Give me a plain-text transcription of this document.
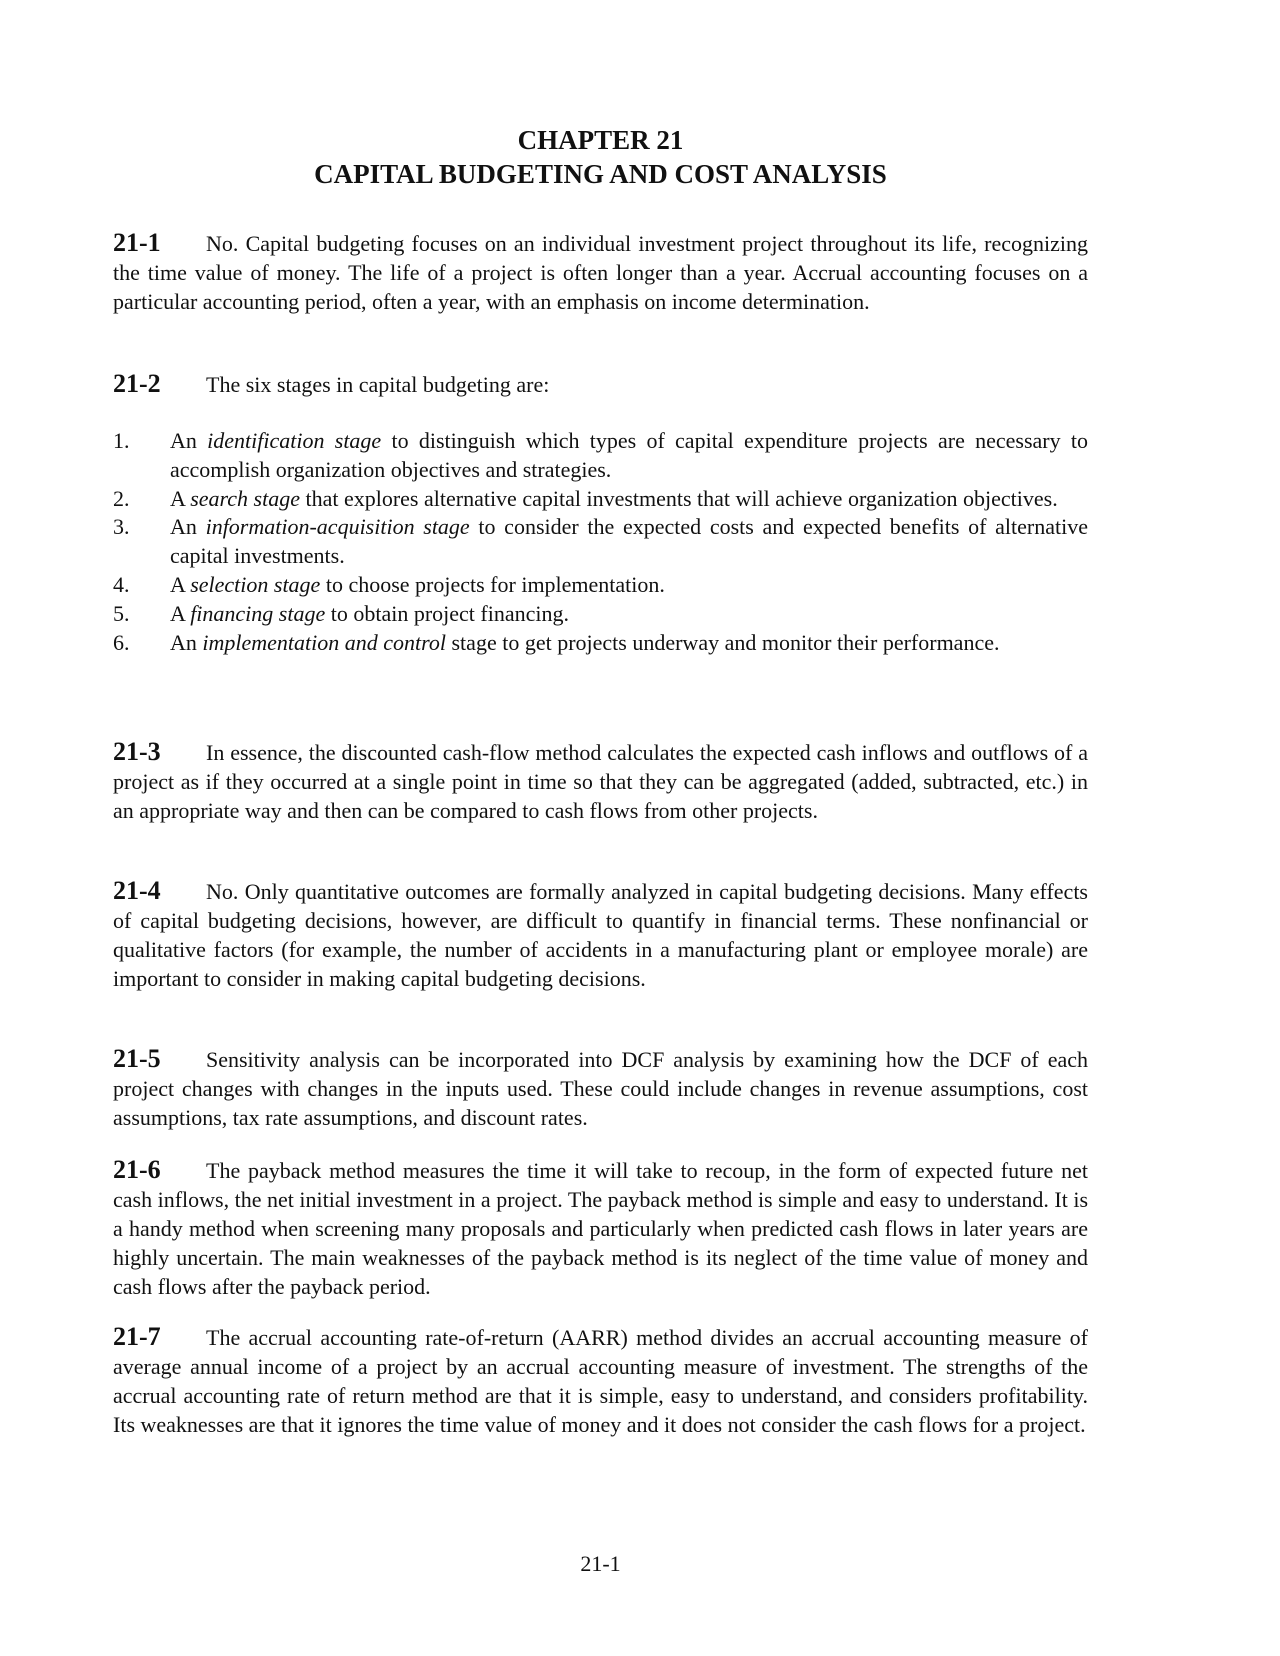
CHAPTER 21
CAPITAL BUDGETING AND COST ANALYSIS
21-1 No. Capital budgeting focuses on an individual investment project throughout its life, recognizing the time value of money. The life of a project is often longer than a year. Accrual accounting focuses on a particular accounting period, often a year, with an emphasis on income determination.
21-2 The six stages in capital budgeting are:
1. An identification stage to distinguish which types of capital expenditure projects are necessary to accomplish organization objectives and strategies.
2. A search stage that explores alternative capital investments that will achieve organization objectives.
3. An information-acquisition stage to consider the expected costs and expected benefits of alternative capital investments.
4. A selection stage to choose projects for implementation.
5. A financing stage to obtain project financing.
6. An implementation and control stage to get projects underway and monitor their performance.
21-3 In essence, the discounted cash-flow method calculates the expected cash inflows and outflows of a project as if they occurred at a single point in time so that they can be aggregated (added, subtracted, etc.) in an appropriate way and then can be compared to cash flows from other projects.
21-4 No. Only quantitative outcomes are formally analyzed in capital budgeting decisions. Many effects of capital budgeting decisions, however, are difficult to quantify in financial terms. These nonfinancial or qualitative factors (for example, the number of accidents in a manufacturing plant or employee morale) are important to consider in making capital budgeting decisions.
21-5 Sensitivity analysis can be incorporated into DCF analysis by examining how the DCF of each project changes with changes in the inputs used. These could include changes in revenue assumptions, cost assumptions, tax rate assumptions, and discount rates.
21-6 The payback method measures the time it will take to recoup, in the form of expected future net cash inflows, the net initial investment in a project. The payback method is simple and easy to understand. It is a handy method when screening many proposals and particularly when predicted cash flows in later years are highly uncertain. The main weaknesses of the payback method is its neglect of the time value of money and cash flows after the payback period.
21-7 The accrual accounting rate-of-return (AARR) method divides an accrual accounting measure of average annual income of a project by an accrual accounting measure of investment. The strengths of the accrual accounting rate of return method are that it is simple, easy to understand, and considers profitability. Its weaknesses are that it ignores the time value of money and it does not consider the cash flows for a project.
21-1
